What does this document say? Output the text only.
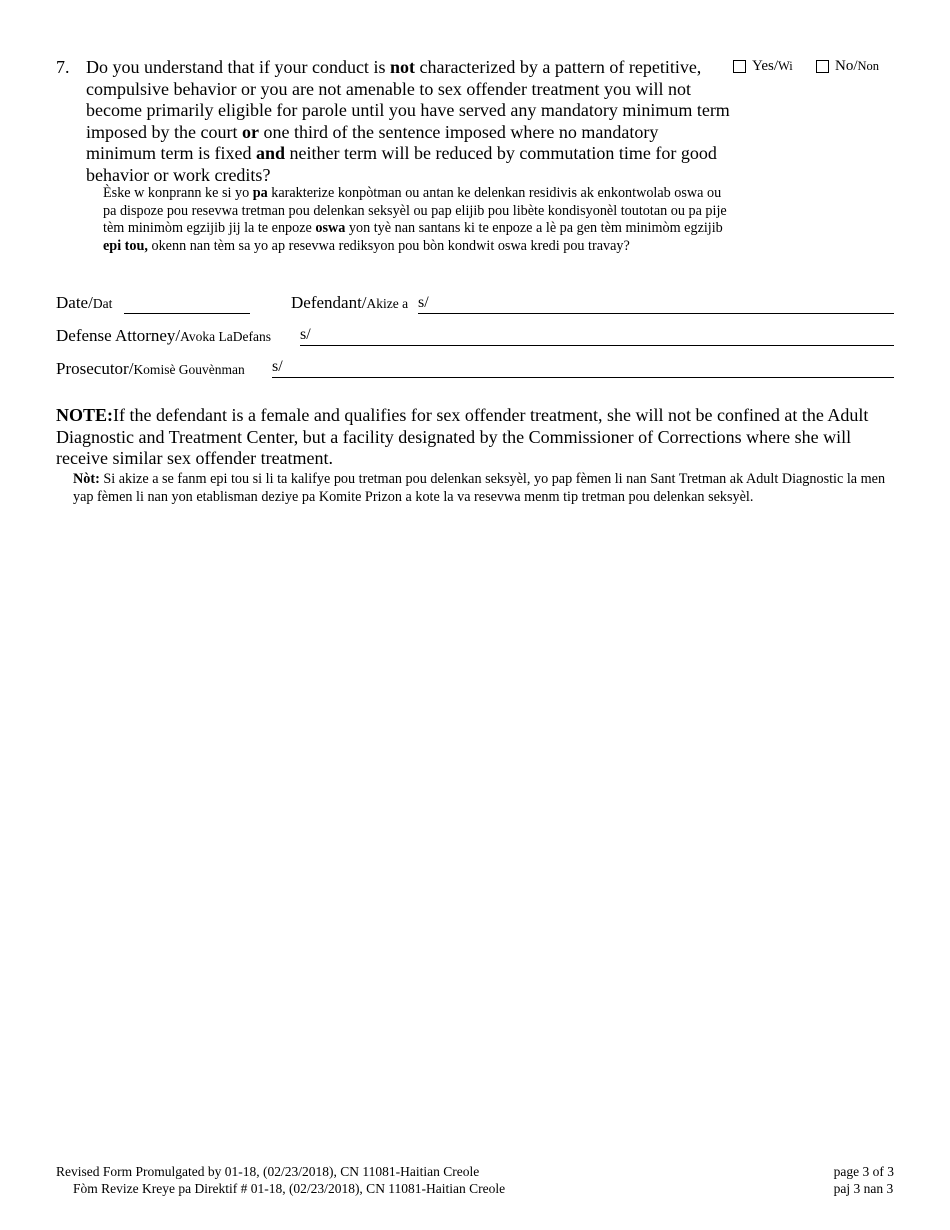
7. Do you understand that if your conduct is not characterized by a pattern of repetitive, compulsive behavior or you are not amenable to sex offender treatment you will not become primarily eligible for parole until you have served any mandatory minimum term imposed by the court or one third of the sentence imposed where no mandatory minimum term is fixed and neither term will be reduced by commutation time for good behavior or work credits?
Yes/ Wi	No/ Non
Èske w konprann ke si yo pa karakterize konpòtman ou antan ke delenkan residivis ak enkontwolab oswa ou pa dispoze pou resevwa tretman pou delenkan seksyèl ou pap elijib pou libète kondisyonèl toutotan ou pa pije tèm minimòm egzijib jij la te enpoze oswa yon tyè nan santans ki te enpoze a lè pa gen tèm minimòm egzijib epi tou, okenn nan tèm sa yo ap resevwa rediksyon pou bòn kondwit oswa kredi pou travay?
Date/Dat	Defendant/Akize a s/
Defense Attorney/Avoka LaDefans s/
Prosecutor/Komisè Gouvènman s/
NOTE:If the defendant is a female and qualifies for sex offender treatment, she will not be confined at the Adult Diagnostic and Treatment Center, but a facility designated by the Commissioner of Corrections where she will receive similar sex offender treatment.
Nòt: Si akize a se fanm epi tou si li ta kalifye pou tretman pou delenkan seksyèl, yo pap fèmen li nan Sant Tretman ak Adult Diagnostic la men yap fèmen li nan yon etablisman deziye pa Komite Prizon a kote la va resevwa menm tip tretman pou delenkan seksyèl.
Revised Form Promulgated by 01-18, (02/23/2018), CN 11081-Haitian Creole
Fòm Revize Kreye pa Direktif # 01-18, (02/23/2018), CN 11081-Haitian Creole
page 3 of 3
paj 3 nan 3
